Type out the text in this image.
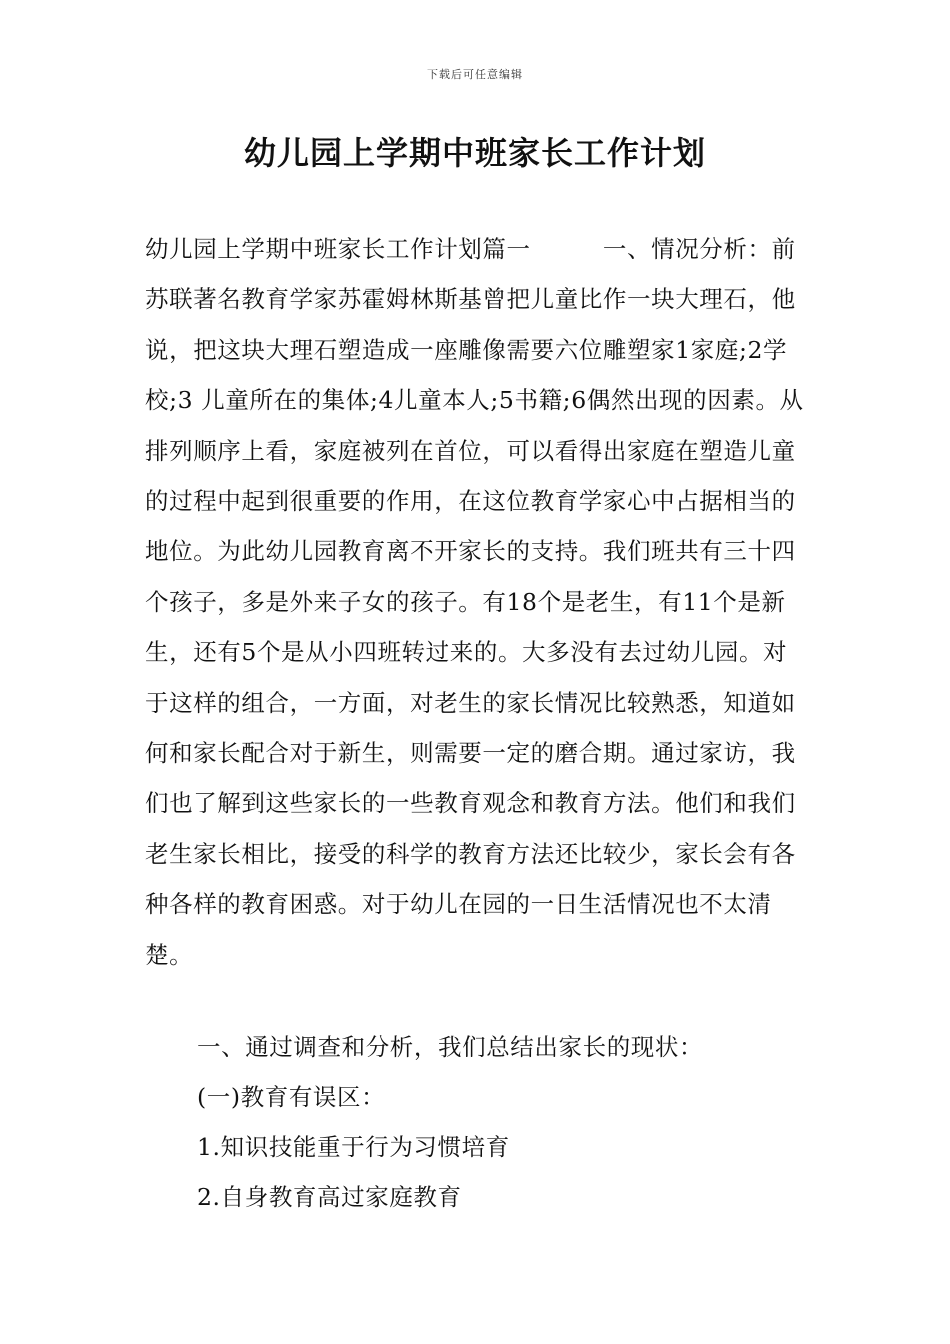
下载后可任意编辑
幼儿园上学期中班家长工作计划

幼儿园上学期中班家长工作计划篇一　　　一、情况分析：前苏联著名教育学家苏霍姆林斯基曾把儿童比作一块大理石，他说，把这块大理石塑造成一座雕像需要六位雕塑家1家庭;2学校;3 儿童所在的集体;4儿童本人;5书籍;6偶然出现的因素。从排列顺序上看，家庭被列在首位，可以看得出家庭在塑造儿童的过程中起到很重要的作用，在这位教育学家心中占据相当的地位。为此幼儿园教育离不开家长的支持。我们班共有三十四个孩子，多是外来子女的孩子。有18个是老生，有11个是新生，还有5个是从小四班转过来的。大多没有去过幼儿园。对于这样的组合，一方面，对老生的家长情况比较熟悉，知道如何和家长配合对于新生，则需要一定的磨合期。通过家访，我们也了解到这些家长的一些教育观念和教育方法。他们和我们老生家长相比，接受的科学的教育方法还比较少，家长会有各种各样的教育困惑。对于幼儿在园的一日生活情况也不太清楚。

一、通过调查和分析，我们总结出家长的现状：
(一)教育有误区：
1.知识技能重于行为习惯培育
2.自身教育高过家庭教育
